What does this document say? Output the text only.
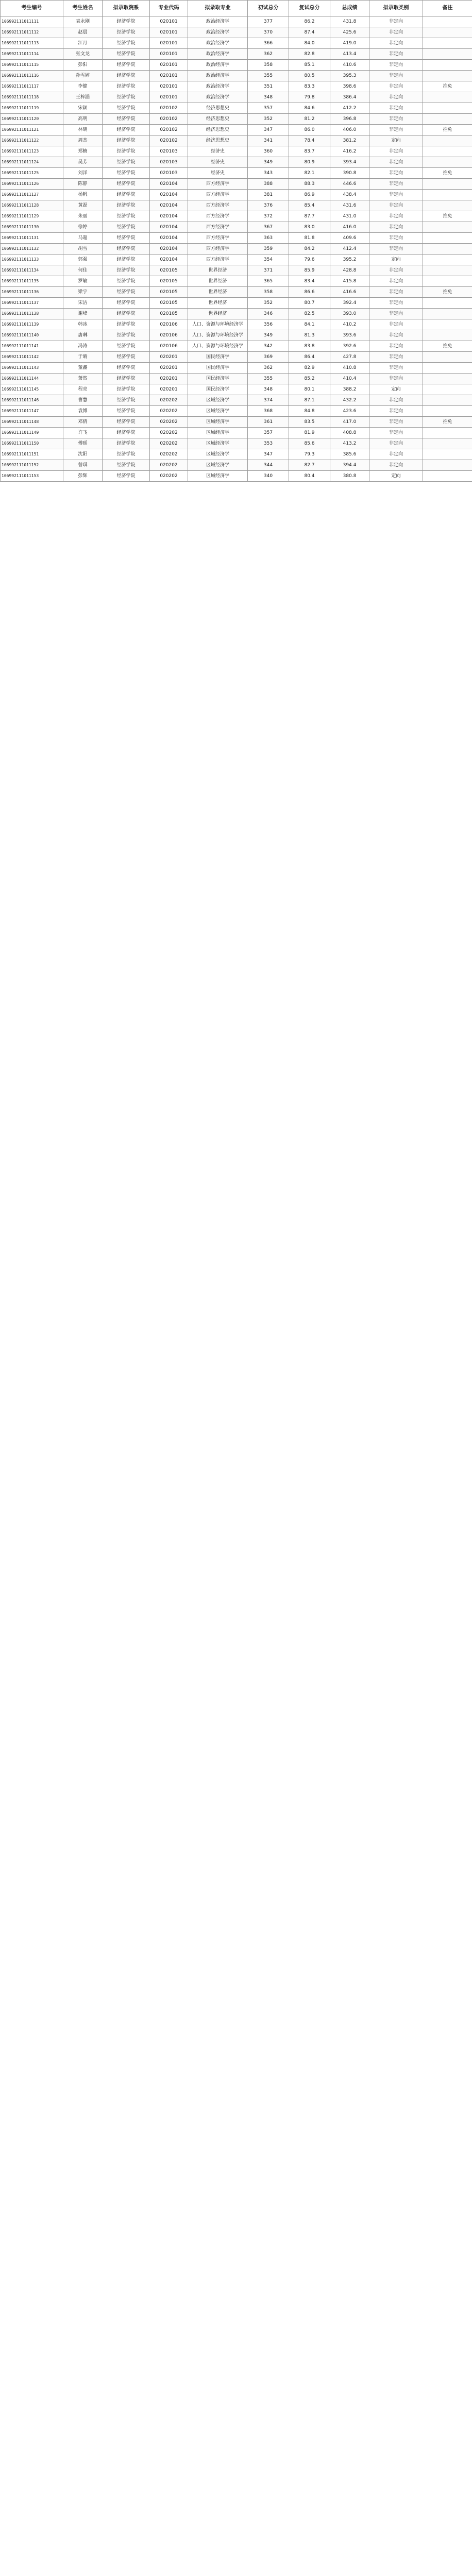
考生编号	考生姓名	拟录取院系	专业代码	拟录取专业	初试总分	复试总分	总成绩	拟录取类别	备注
106992111011111	袁永刚	经济学院	020101	政治经济学	377	86.2	431.8	非定向	
106992111011112	赵晨	经济学院	020101	政治经济学	370	87.4	425.6	非定向	
106992111011113	江月	经济学院	020101	政治经济学	366	84.0	419.0	非定向	
106992111011114	张文龙	经济学院	020101	政治经济学	362	82.8	413.4	非定向	
106992111011115	彭阳	经济学院	020101	政治经济学	358	85.1	410.6	非定向	
106992111011116	孙雪婷	经济学院	020101	政治经济学	355	80.5	395.3	非定向	
106992111011117	李健	经济学院	020101	政治经济学	351	83.3	398.6	非定向	推免
106992111011118	王梓涵	经济学院	020101	政治经济学	348	79.8	386.4	非定向	
106992111011119	宋颖	经济学院	020102	经济思想史	357	84.6	412.2	非定向	
106992111011120	高明	经济学院	020102	经济思想史	352	81.2	396.8	非定向	
106992111011121	林晓	经济学院	020102	经济思想史	347	86.0	406.0	非定向	推免
106992111011122	周杰	经济学院	020102	经济思想史	341	78.4	381.2	定向	
106992111011123	郑楠	经济学院	020103	经济史	360	83.7	416.2	非定向	
106992111011124	吴芳	经济学院	020103	经济史	349	80.9	393.4	非定向	
106992111011125	刘洋	经济学院	020103	经济史	343	82.1	390.8	非定向	推免
106992111011126	陈静	经济学院	020104	西方经济学	388	88.3	446.6	非定向	
106992111011127	杨帆	经济学院	020104	西方经济学	381	86.9	438.4	非定向	
106992111011128	黄磊	经济学院	020104	西方经济学	376	85.4	431.6	非定向	
106992111011129	朱丽	经济学院	020104	西方经济学	372	87.7	431.0	非定向	推免
106992111011130	徐婷	经济学院	020104	西方经济学	367	83.0	416.0	非定向	
106992111011131	马超	经济学院	020104	西方经济学	363	81.8	409.6	非定向	
106992111011132	胡雪	经济学院	020104	西方经济学	359	84.2	412.4	非定向	
106992111011133	郭强	经济学院	020104	西方经济学	354	79.6	395.2	定向	
106992111011134	何佳	经济学院	020105	世界经济	371	85.9	428.8	非定向	
106992111011135	罗敏	经济学院	020105	世界经济	365	83.4	415.8	非定向	
106992111011136	梁宇	经济学院	020105	世界经济	358	86.6	416.6	非定向	推免
106992111011137	宋洁	经济学院	020105	世界经济	352	80.7	392.4	非定向	
106992111011138	谢峰	经济学院	020105	世界经济	346	82.5	393.0	非定向	
106992111011139	韩冰	经济学院	020106	人口、资源与环境经济学	356	84.1	410.2	非定向	
106992111011140	唐琳	经济学院	020106	人口、资源与环境经济学	349	81.3	393.6	非定向	
106992111011141	冯涛	经济学院	020106	人口、资源与环境经济学	342	83.8	392.6	非定向	推免
106992111011142	于晴	经济学院	020201	国民经济学	369	86.4	427.8	非定向	
106992111011143	董鑫	经济学院	020201	国民经济学	362	82.9	410.8	非定向	
106992111011144	萧然	经济学院	020201	国民经济学	355	85.2	410.4	非定向	
106992111011145	程亮	经济学院	020201	国民经济学	348	80.1	388.2	定向	
106992111011146	曹慧	经济学院	020202	区域经济学	374	87.1	432.2	非定向	
106992111011147	袁博	经济学院	020202	区域经济学	368	84.8	423.6	非定向	
106992111011148	邓倩	经济学院	020202	区域经济学	361	83.5	417.0	非定向	推免
106992111011149	许飞	经济学院	020202	区域经济学	357	81.9	408.8	非定向	
106992111011150	傅瑶	经济学院	020202	区域经济学	353	85.6	413.2	非定向	
106992111011151	沈阳	经济学院	020202	区域经济学	347	79.3	385.6	非定向	
106992111011152	曾琪	经济学院	020202	区域经济学	344	82.7	394.4	非定向	
106992111011153	彭辉	经济学院	020202	区域经济学	340	80.4	380.8	定向	
